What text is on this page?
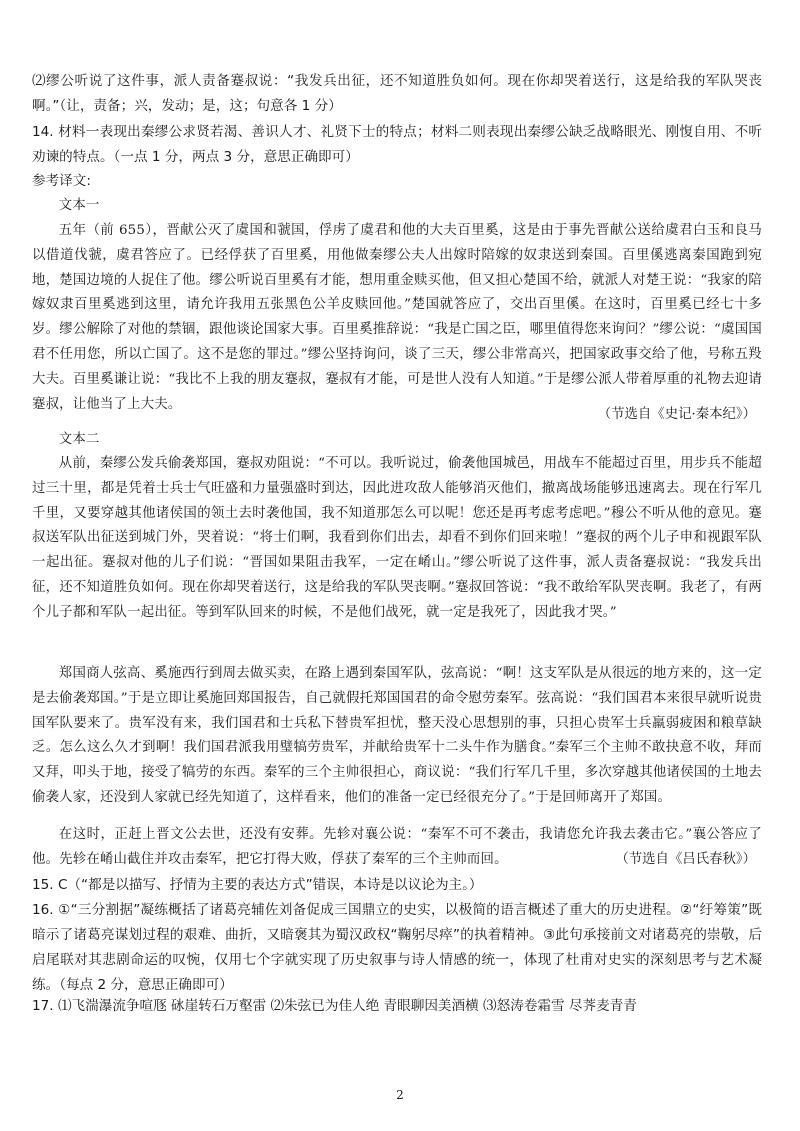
⑵缪公听说了这件事，派人责备蹇叔说：“我发兵出征，还不知道胜负如何。现在你却哭着送行，这是给我的军队哭丧啊。”（让，责备；兴，发动；是，这；句意各 1 分）

14. 材料一表现出秦缪公求贤若渴、善识人才、礼贤下士的特点；材料二则表现出秦缪公缺乏战略眼光、刚愎自用、不听劝谏的特点。（一点 1 分，两点 3 分，意思正确即可）

参考译文:

文本一

五年（前 655），晋献公灭了虞国和虢国，俘虏了虞君和他的大夫百里奚，这是由于事先晋献公送给虞君白玉和良马以借道伐虢，虞君答应了。已经俘获了百里奚，用他做秦缪公夫人出嫁时陪嫁的奴隶送到秦国。百里傒逃离秦国跑到宛地，楚国边境的人捉住了他。缪公听说百里奚有才能，想用重金赎买他，但又担心楚国不给，就派人对楚王说：“我家的陪嫁奴隶百里奚逃到这里，请允许我用五张黑色公羊皮赎回他。”楚国就答应了，交出百里傒。在这时，百里奚已经七十多岁。缪公解除了对他的禁锢，跟他谈论国家大事。百里奚推辞说：“我是亡国之臣，哪里值得您来询问？”缪公说：“虞国国君不任用您，所以亡国了。这不是您的罪过。”缪公坚持询问，谈了三天，缪公非常高兴，把国家政事交给了他，号称五羖大夫。百里奚谦让说：“我比不上我的朋友蹇叔，蹇叔有才能，可是世人没有人知道。”于是缪公派人带着厚重的礼物去迎请蹇叔，让他当了上大夫。

（节选自《史记·秦本纪》）

文本二

从前，秦缪公发兵偷袭郑国，蹇叔劝阻说：“不可以。我听说过，偷袭他国城邑，用战车不能超过百里，用步兵不能超过三十里，都是凭着士兵士气旺盛和力量强盛时到达，因此进攻敌人能够消灭他们，撤离战场能够迅速离去。现在行军几千里，又要穿越其他诸侯国的领土去时袭他国，我不知道那怎么可以呢！您还是再考虑考虑吧。”穆公不听从他的意见。蹇叔送军队出征送到城门外，哭着说：“将士们啊，我看到你们出去，却看不到你们回来啦！”蹇叔的两个儿子申和视跟军队一起出征。蹇叔对他的儿子们说：“晋国如果阻击我军，一定在崤山。”缪公听说了这件事，派人责备蹇叔说：“我发兵出征，还不知道胜负如何。现在你却哭着送行，这是给我的军队哭丧啊。”蹇叔回答说：“我不敢给军队哭丧啊。我老了，有两个儿子都和军队一起出征。等到军队回来的时候，不是他们战死，就一定是我死了，因此我才哭。”

郑国商人弦高、奚施西行到周去做买卖，在路上遇到秦国军队，弦高说：“啊！这支军队是从很远的地方来的，这一定是去偷袭郑国。”于是立即让奚施回郑国报告，自己就假托郑国国君的命令慰劳秦军。弦高说：“我们国君本来很早就听说贵国军队要来了。贵军没有来，我们国君和士兵私下替贵军担忧，整天没心思想别的事，只担心贵军士兵羸弱疲困和粮草缺乏。怎么这么久才到啊！我们国君派我用璧犒劳贵军，并献给贵军十二头牛作为膳食。”秦军三个主帅不敢抉意不收，拜而又拜，叩头于地，接受了犒劳的东西。秦军的三个主帅很担心，商议说：“我们行军几千里，多次穿越其他诸侯国的土地去偷袭人家，还没到人家就已经先知道了，这样看来，他们的准备一定已经很充分了。”于是回师离开了郑国。

在这时，正赶上晋文公去世，还没有安葬。先轸对襄公说：“秦军不可不袭击，我请您允许我去袭击它。”襄公答应了他。先轸在崤山截住并攻击秦军，把它打得大败，俘获了秦军的三个主帅而回。	（节选自《吕氏春秋》）

15. C（“都是以描写、抒情为主要的表达方式”错误，本诗是以议论为主。）

16. ①“三分割据”凝练概括了诸葛亮辅佐刘备促成三国鼎立的史实，以极简的语言概述了重大的历史进程。②“纡筹策”既暗示了诸葛亮谋划过程的艰难、曲折，又暗褒其为蜀汉政权“鞠躬尽瘁”的执着精神。③此句承接前文对诸葛亮的崇敬，后启尾联对其悲剧命运的叹惋，仅用七个字就实现了历史叙事与诗人情感的统一，体现了杜甫对史实的深刻思考与艺术凝练。（每点 2 分，意思正确即可）

17. ⑴飞湍瀑流争喧豗 砯崖转石万壑雷 ⑵朱弦已为佳人绝 青眼聊因美酒横 ⑶怒涛卷霜雪 尽荠麦青青

2
